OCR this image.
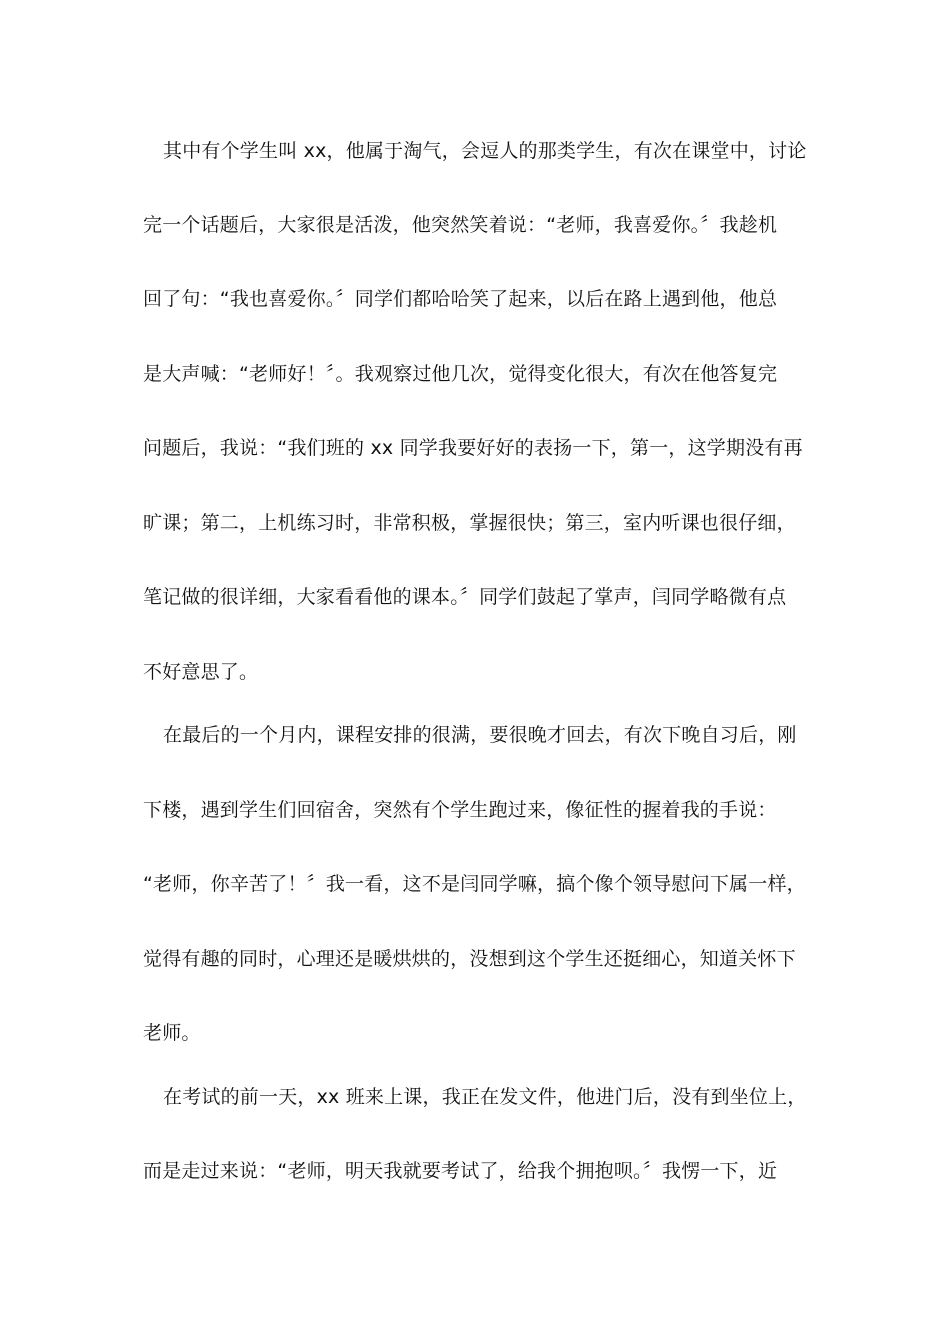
其中有个学生叫 xx，他属于淘气，会逗人的那类学生，有次在课堂中，讨论
完一个话题后，大家很是活泼，他突然笑着说：“老师，我喜爱你。〞我趁机
回了句：“我也喜爱你。〞同学们都哈哈笑了起来，以后在路上遇到他，他总
是大声喊：“老师好！〞。我观察过他几次，觉得变化很大，有次在他答复完
问题后，我说：“我们班的 xx 同学我要好好的表扬一下，第一，这学期没有再
旷课；第二，上机练习时，非常积极，掌握很快；第三，室内听课也很仔细，
笔记做的很详细，大家看看他的课本。〞同学们鼓起了掌声，闫同学略微有点
不好意思了。
在最后的一个月内，课程安排的很满，要很晚才回去，有次下晚自习后，刚
下楼，遇到学生们回宿舍，突然有个学生跑过来，像征性的握着我的手说：
“老师，你辛苦了！〞我一看，这不是闫同学嘛，搞个像个领导慰问下属一样，
觉得有趣的同时，心理还是暖烘烘的，没想到这个学生还挺细心，知道关怀下
老师。
在考试的前一天，xx 班来上课，我正在发文件，他进门后，没有到坐位上，
而是走过来说：“老师，明天我就要考试了，给我个拥抱呗。〞我愣一下，近
